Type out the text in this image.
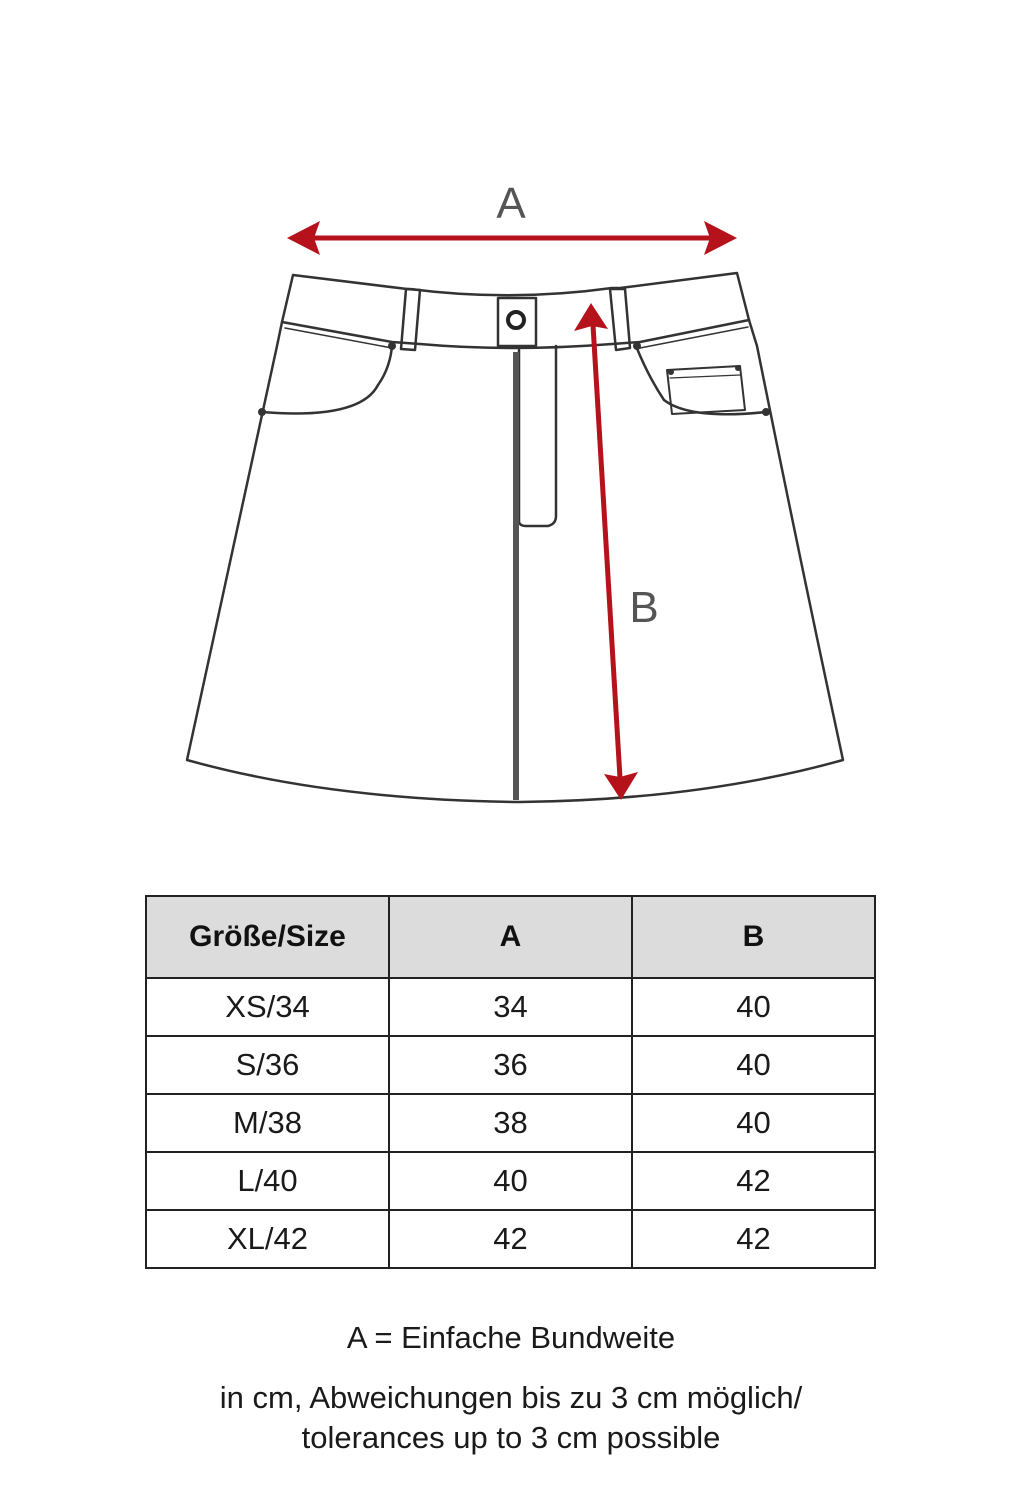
A
B
Größe/Size	A	B
XS/34	34	40
S/36	36	40
M/38	38	40
L/40	40	42
XL/42	42	42
A = Einfache Bundweite
in cm, Abweichungen bis zu 3 cm möglich/
tolerances up to 3 cm possible
